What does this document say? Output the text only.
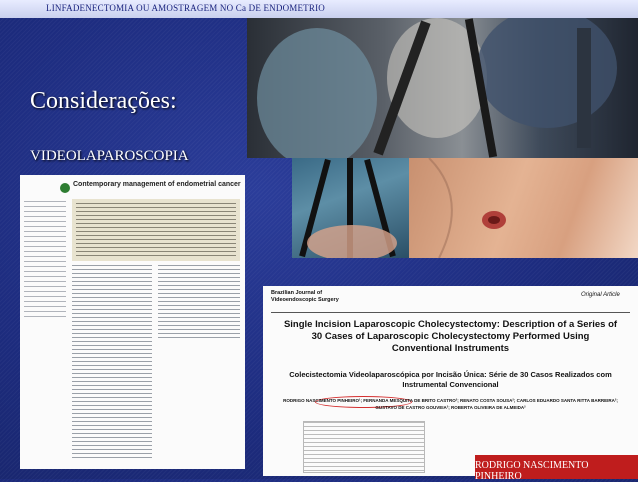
LINFADENECTOMIA OU AMOSTRAGEM NO Ca DE ENDOMETRIO
Considerações:
VIDEOLAPAROSCOPIA
Contemporary management of endometrial cancer
Brazilian Journal of Videoendoscopic Surgery
Original Article
Single Incision Laparoscopic Cholecystectomy: Description of a Series of 30 Cases of Laparoscopic Cholecystectomy Performed Using Conventional Instruments
Colecistectomia Videolaparoscópica por Incisão Única: Série de 30 Casos Realizados com Instrumental Convencional
RODRIGO NASCIMENTO PINHEIRO¹; FERNANDA MESQUITA DE BRITO CASTRO²; RENATO COSTA SOUSA²; CARLOS EDUARDO SANTA RITTA BARREIRA²; GUSTAVO DE CASTRO GOUVEIA²; ROBERTA OLIVEIRA DE ALMEIDA²
RODRIGO NASCIMENTO PINHEIRO
